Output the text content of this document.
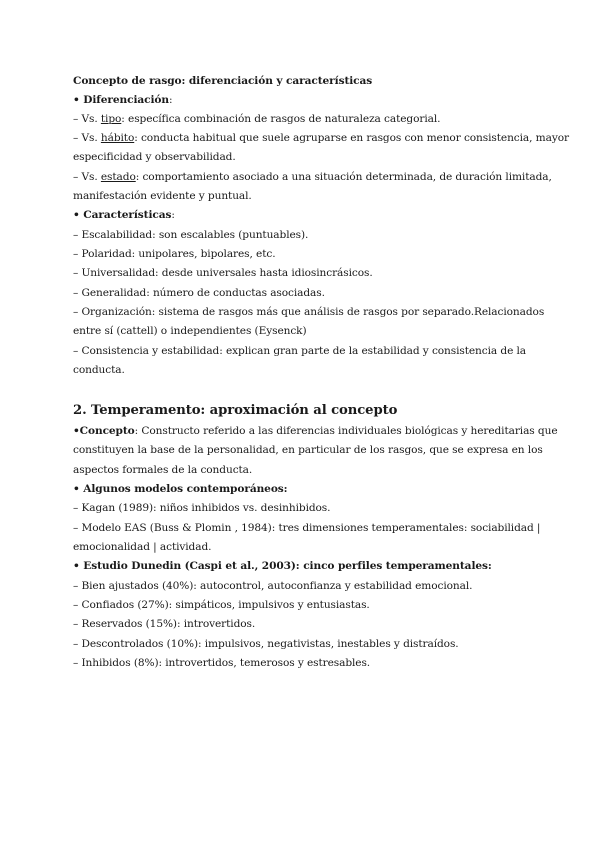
Concepto de rasgo: diferenciación y características
• Diferenciación:
– Vs. tipo: específica combinación de rasgos de naturaleza categorial.
– Vs. hábito: conducta habitual que suele agruparse en rasgos con menor consistencia, mayor
especificidad y observabilidad.
– Vs. estado: comportamiento asociado a una situación determinada, de duración limitada,
manifestación evidente y puntual.
• Características:
– Escalabilidad: son escalables (puntuables).
– Polaridad: unipolares, bipolares, etc.
– Universalidad: desde universales hasta idiosincrásicos.
– Generalidad: número de conductas asociadas.
– Organización: sistema de rasgos más que análisis de rasgos por separado.Relacionados
entre sí (cattell) o independientes (Eysenck)
– Consistencia y estabilidad: explican gran parte de la estabilidad y consistencia de la
conducta.
2. Temperamento: aproximación al concepto
•Concepto: Constructo referido a las diferencias individuales biológicas y hereditarias que
constituyen la base de la personalidad, en particular de los rasgos, que se expresa en los
aspectos formales de la conducta.
• Algunos modelos contemporáneos:
– Kagan (1989): niños inhibidos vs. desinhibidos.
– Modelo EAS (Buss & Plomin , 1984): tres dimensiones temperamentales: sociabilidad |
emocionalidad | actividad.
• Estudio Dunedin (Caspi et al., 2003): cinco perfiles temperamentales:
– Bien ajustados (40%): autocontrol, autoconfianza y estabilidad emocional.
– Confiados (27%): simpáticos, impulsivos y entusiastas.
– Reservados (15%): introvertidos.
– Descontrolados (10%): impulsivos, negativistas, inestables y distraídos.
– Inhibidos (8%): introvertidos, temerosos y estresables.
